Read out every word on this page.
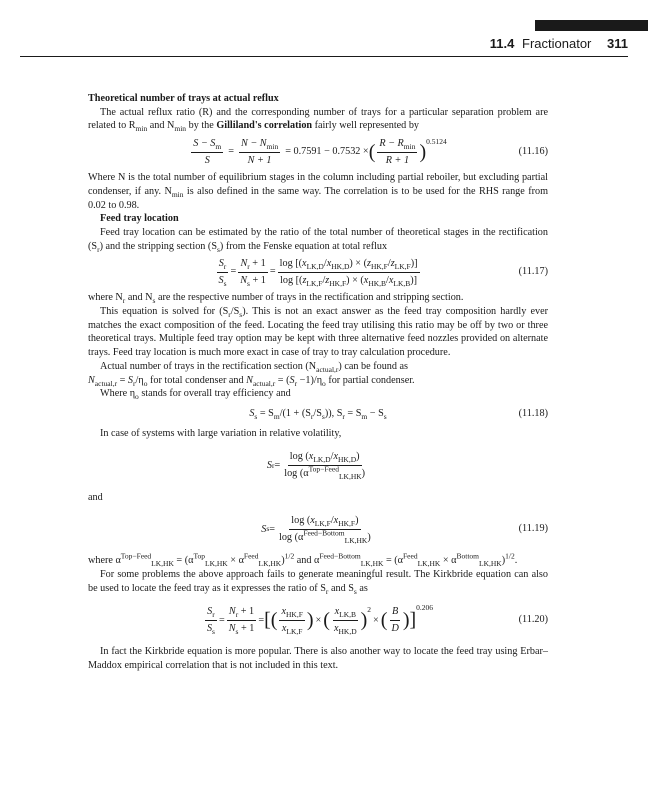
11.4 Fractionator 311

Theoretical number of trays at actual reflux

The actual reflux ratio (R) and the corresponding number of trays for a particular separation problem are related to $R_{min}$ and $N_{min}$ by the Gilliland's correlation fairly well represented by

$\frac{S - S_m}{S} = \frac{N - N_{min}}{N + 1} = 0.7591 - 0.7532$ × ( $\frac{R - R_{min}}{R + 1} )^{0.5124}$
(11.16)

Where N is the total number of equilibrium stages in the column including partial reboiler, but excluding partial condenser, if any. $N_{min}$ is also defined in the same way. The correlation is to be used for the RHS range from 0.02 to 0.98.

Feed tray location

Feed tray location can be estimated by the ratio of the total number of theoretical stages in the rectification $(S_r)$ and the stripping section $(S_s)$ from the Fenske equation at total reflux

$\frac{S_r}{S_s} = \frac{N_r + 1}{N_s + 1} = \frac{\log [(x_{LK,D}/x_{HK,D}) \times (z_{HK,F}/z_{LK,F})]}{\log [(z_{LK,F}/z_{HK,F}) \times (x_{HK,B}/x_{LK,B})]}$	(11.17)

where $N_r$ and $N_s$ are the respective number of trays in the rectification and stripping section.

This equation is solved for $(S_r/S_s)$. This is not an exact answer as the feed tray composition hardly ever matches the exact composition of the feed. Locating the feed tray utilising this ratio may be off by two or three theoretical trays. Multiple feed tray option may be kept with three alternative feed nozzles provided on alternate trays. Feed tray location is much more exact in case of tray to tray calculation procedure.

Actual number of trays in the rectification section $(N_{actual,r})$ can be found as

$N_{actual,r} = S_r/\eta_o$ for total condenser and $N_{actual,r} = (S_r -1)/\eta_o$ for partial condenser.

Where $\eta_o$ stands for overall tray efficiency and

$S_s = S_m/(1 + (S_r/S_s))$, $S_r = S_m - S_s$	(11.18)

In case of systems with large variation in relative volatility,

S $r = \frac{\log (x_{LK,D}/x_{HK,D})}{\log (\alpha^{Top-Feed}_{LK,HK})}$

and

S $s = \frac{\log (x_{LK,F}/x_{HK,F})}{\log (\alpha^{Feed-Bottom}_{LK,HK})}$	(11.19)

where $\alpha^{Top-Feed}_{LK,HK} = (\alpha^{Top}_{LK,HK} \times \alpha^{Feed}_{LK,HK})^{1/2}$ and $\alpha^{Feed-Bottom}_{LK,HK} = (\alpha^{Feed}_{LK,HK} \times \alpha^{Bottom}_{LK,HK})^{1/2}$.

For some problems the above approach fails to generate meaningful result. The Kirkbride equation can also be used to locate the feed tray as it expresses the ratio of $S_r$ and $S_s$ as

$\frac{S_r}{S_s} = \frac{N_r + 1}{N_s + 1}$ = [ ( $\frac{x_{HK,F}}{x_{LK,F}}$ ) × ( $\frac{x_{LK,B}}{x_{HK,D}} )^2$
× ( $\frac{B}{D}$ ) ]
$^{0.206}$
(11.20)

In fact the Kirkbride equation is more popular. There is also another way to locate the feed tray using Erbar–Maddox empirical correlation that is not included in this text.
